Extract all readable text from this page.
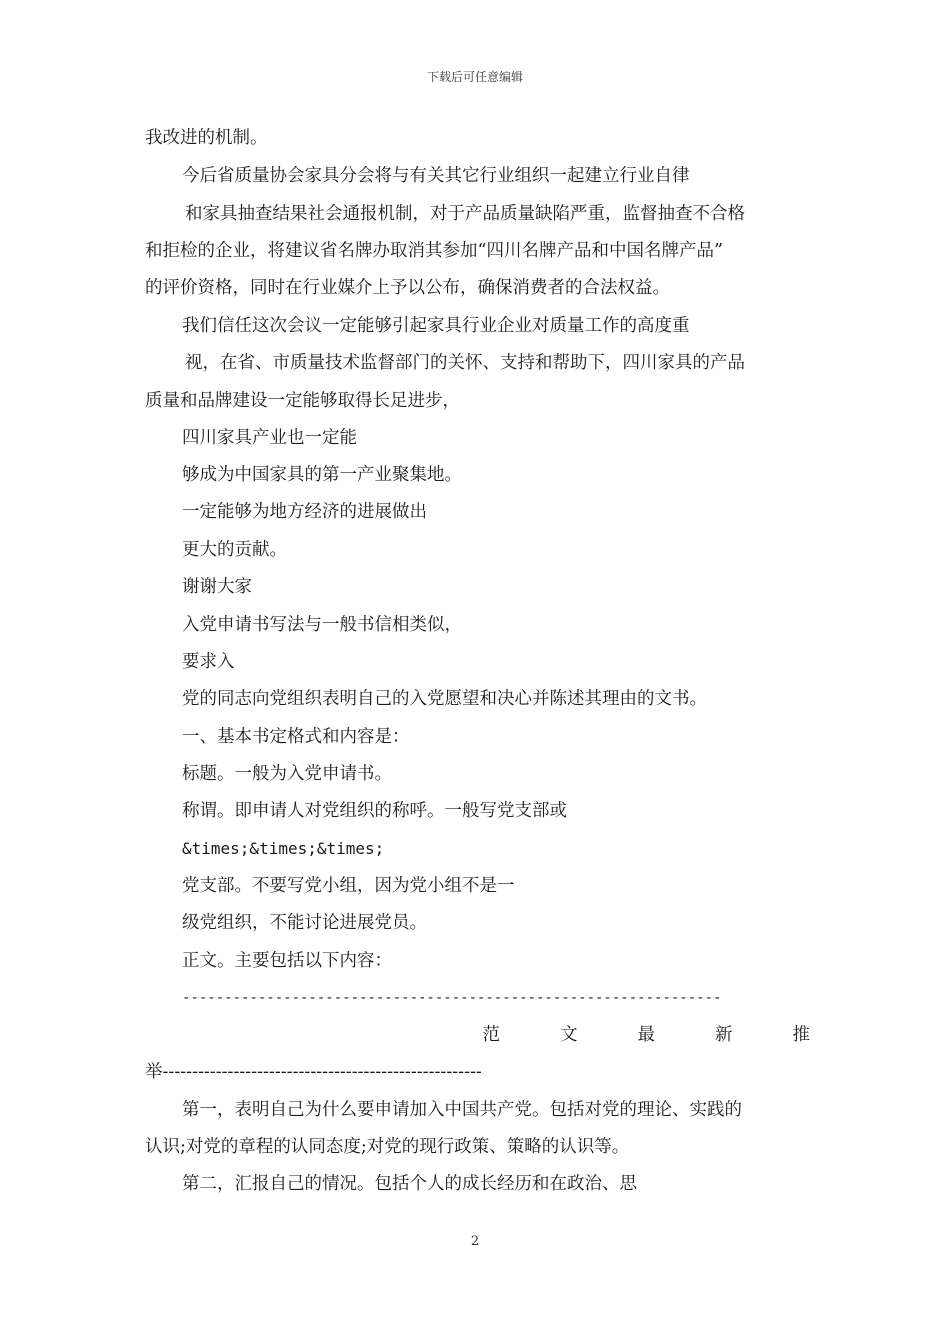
下载后可任意编辑
我改进的机制。
今后省质量协会家具分会将与有关其它行业组织一起建立行业自律
和家具抽查结果社会通报机制，对于产品质量缺陷严重，监督抽查不合格
和拒检的企业，将建议省名牌办取消其参加“四川名牌产品和中国名牌产品”
的评价资格，同时在行业媒介上予以公布，确保消费者的合法权益。
我们信任这次会议一定能够引起家具行业企业对质量工作的高度重
视，在省、市质量技术监督部门的关怀、支持和帮助下，四川家具的产品
质量和品牌建设一定能够取得长足进步，
四川家具产业也一定能
够成为中国家具的第一产业聚集地。
一定能够为地方经济的进展做出
更大的贡献。
谢谢大家
入党申请书写法与一般书信相类似，
要求入
党的同志向党组织表明自己的入党愿望和决心并陈述其理由的文书。
一、基本书定格式和内容是：
标题。一般为入党申请书。
称谓。即申请人对党组织的称呼。一般写党支部或
&times;&times;&times;
党支部。不要写党小组，因为党小组不是一
级党组织，不能讨论进展党员。
正文。主要包括以下内容：
----------------------------------------------------------------
范	文	最	新	推
举------------------------------------------------------
第一，表明自己为什么要申请加入中国共产党。包括对党的理论、实践的
认识;对党的章程的认同态度;对党的现行政策、策略的认识等。
第二，汇报自己的情况。包括个人的成长经历和在政治、思
2
